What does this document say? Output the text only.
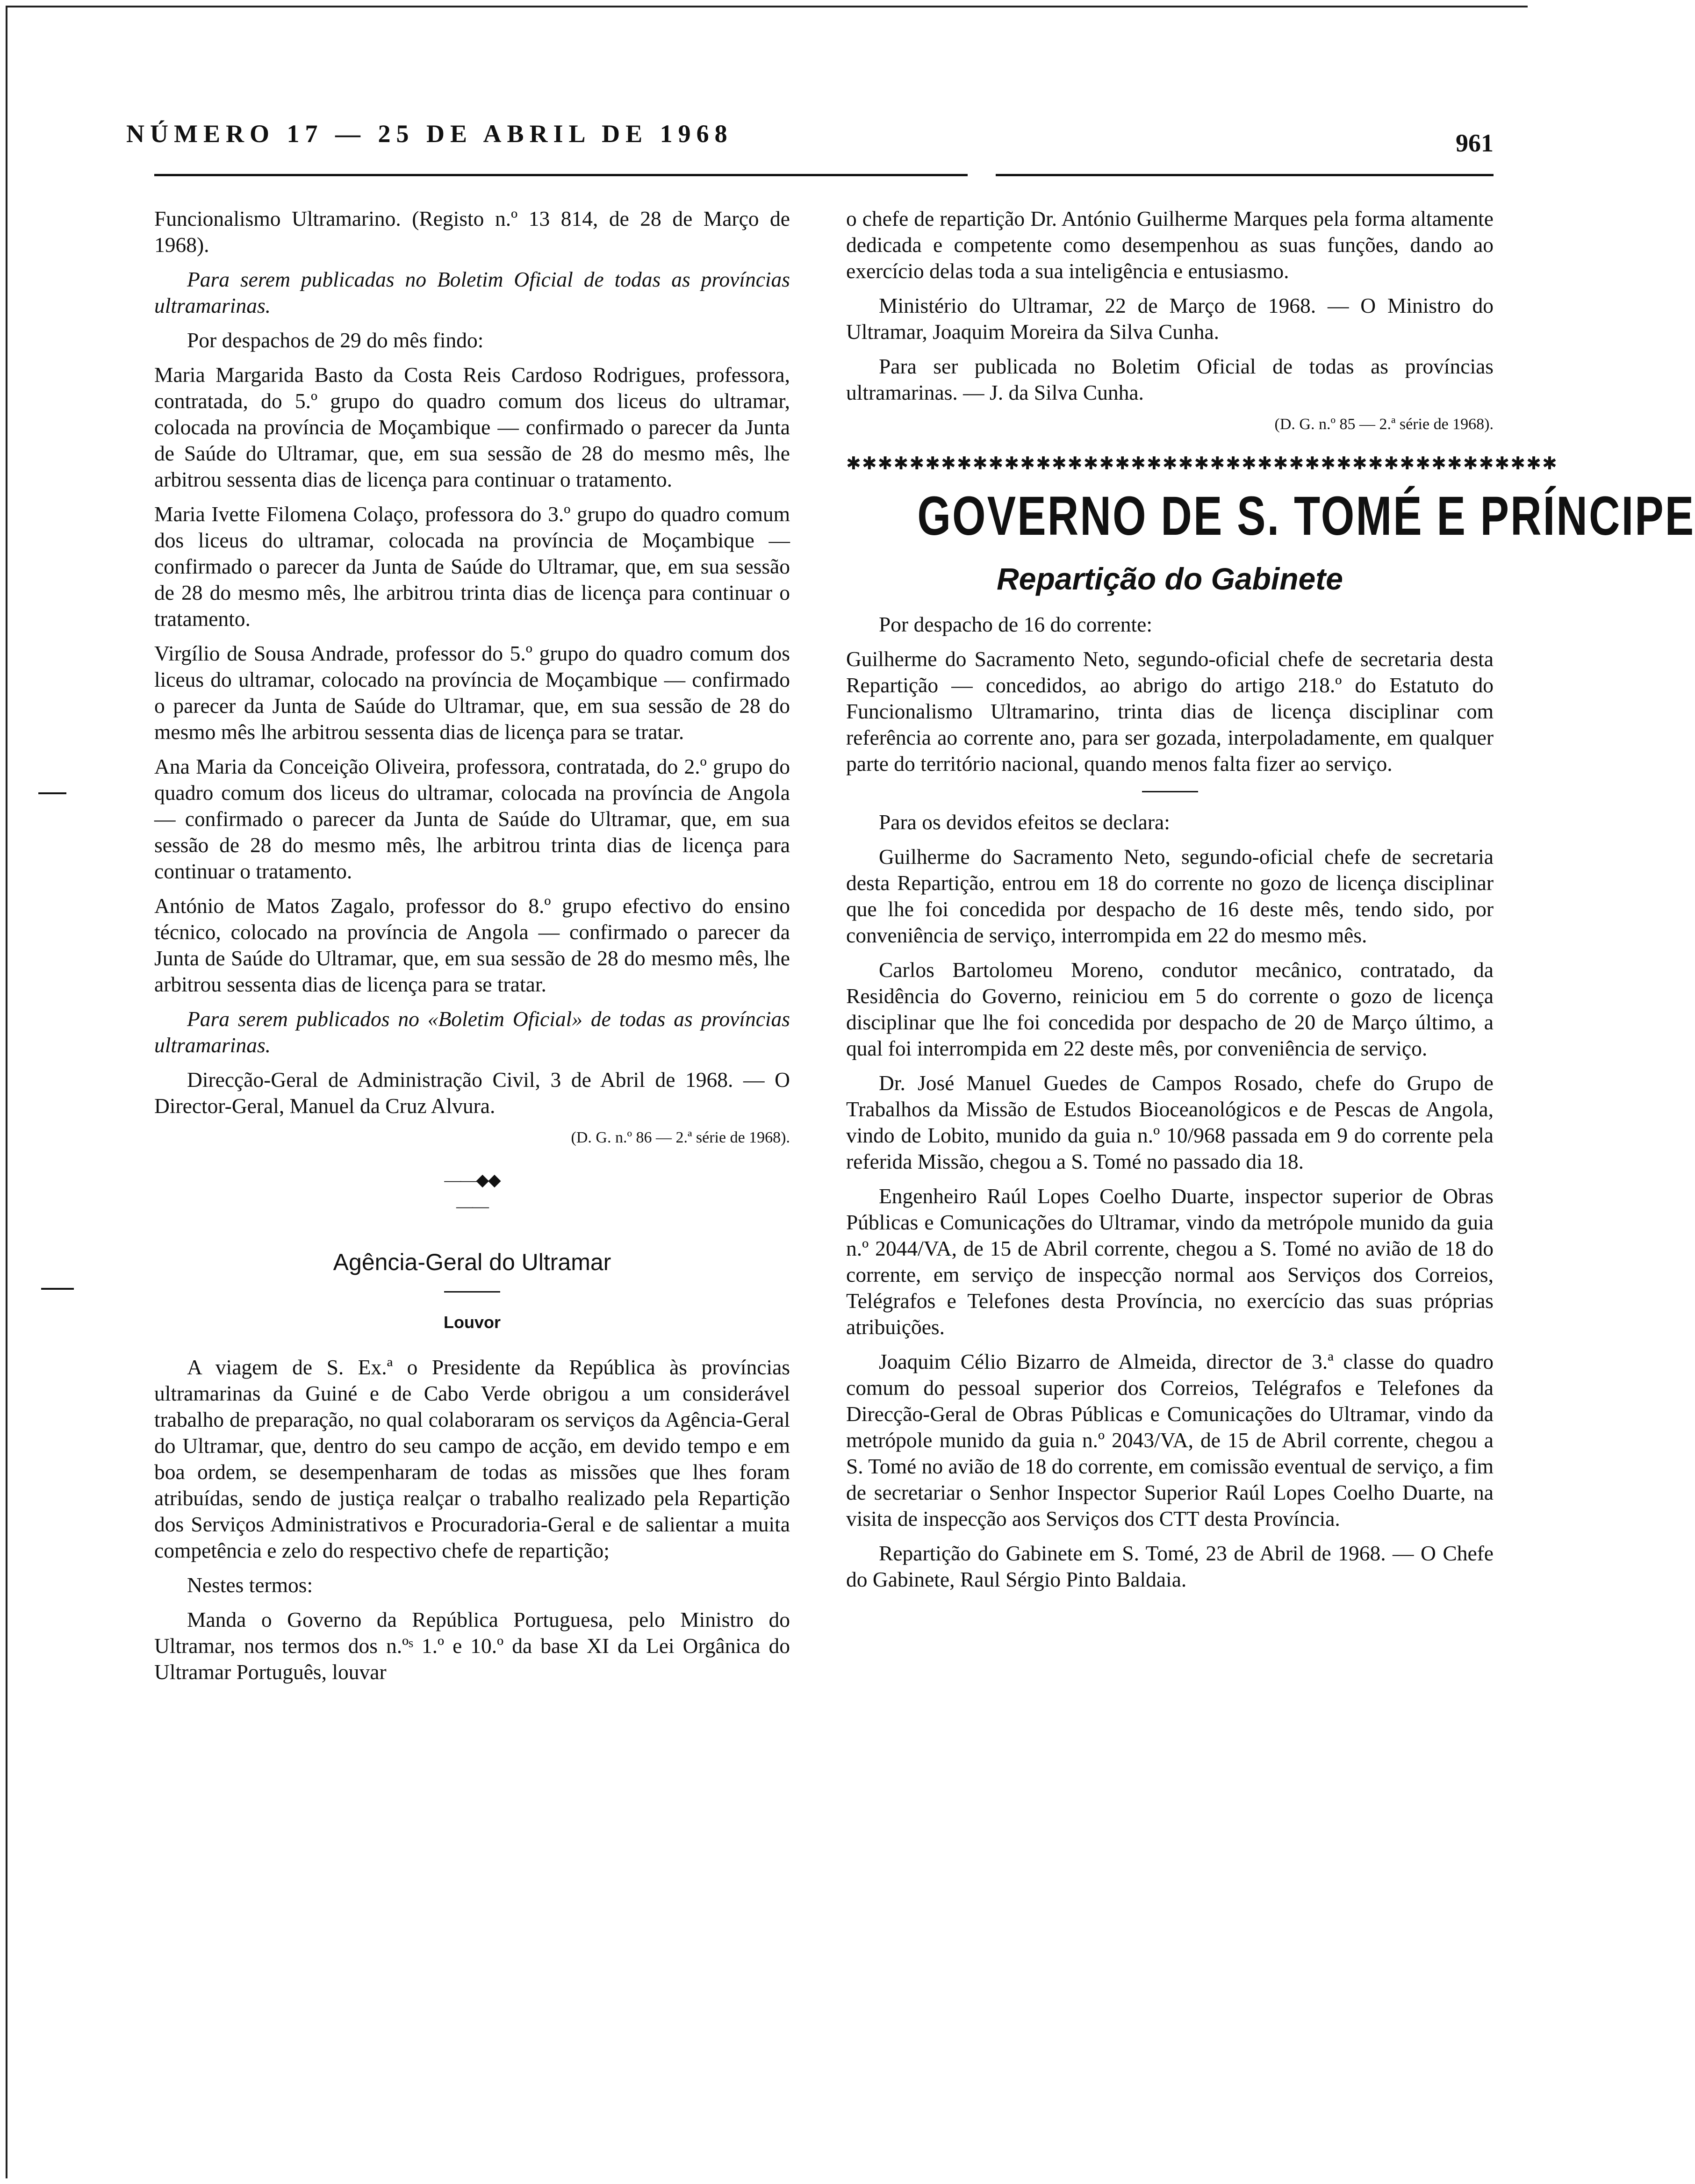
NÚMERO 17 — 25 DE ABRIL DE 1968	961

Funcionalismo Ultramarino. (Registo n.º 13 814, de 28 de Março de 1968).

Para serem publicadas no Boletim Oficial de todas as províncias ultramarinas.

Por despachos de 29 do mês findo:

Maria Margarida Basto da Costa Reis Cardoso Rodrigues, professora, contratada, do 5.º grupo do quadro comum dos liceus do ultramar, colocada na província de Moçambique — confirmado o parecer da Junta de Saúde do Ultramar, que, em sua sessão de 28 do mesmo mês, lhe arbitrou sessenta dias de licença para continuar o tratamento.

Maria Ivette Filomena Colaço, professora do 3.º grupo do quadro comum dos liceus do ultramar, colocada na província de Moçambique — confirmado o parecer da Junta de Saúde do Ultramar, que, em sua sessão de 28 do mesmo mês, lhe arbitrou trinta dias de licença para continuar o tratamento.

Virgílio de Sousa Andrade, professor do 5.º grupo do quadro comum dos liceus do ultramar, colocado na província de Moçambique — confirmado o parecer da Junta de Saúde do Ultramar, que, em sua sessão de 28 do mesmo mês lhe arbitrou sessenta dias de licença para se tratar.

Ana Maria da Conceição Oliveira, professora, contratada, do 2.º grupo do quadro comum dos liceus do ultramar, colocada na província de Angola — confirmado o parecer da Junta de Saúde do Ultramar, que, em sua sessão de 28 do mesmo mês, lhe arbitrou trinta dias de licença para continuar o tratamento.

António de Matos Zagalo, professor do 8.º grupo efectivo do ensino técnico, colocado na província de Angola — confirmado o parecer da Junta de Saúde do Ultramar, que, em sua sessão de 28 do mesmo mês, lhe arbitrou sessenta dias de licença para se tratar.

Para serem publicados no «Boletim Oficial» de todas as províncias ultramarinas.

Direcção-Geral de Administração Civil, 3 de Abril de 1968. — O Director-Geral, Manuel da Cruz Alvura.

(D. G. n.º 86 — 2.ª série de 1968).

——◆◆——
Agência-Geral do Ultramar
Louvor

A viagem de S. Ex.ª o Presidente da República às províncias ultramarinas da Guiné e de Cabo Verde obrigou a um considerável trabalho de preparação, no qual colaboraram os serviços da Agência-Geral do Ultramar, que, dentro do seu campo de acção, em devido tempo e em boa ordem, se desempenharam de todas as missões que lhes foram atribuídas, sendo de justiça realçar o trabalho realizado pela Repartição dos Serviços Administrativos e Procuradoria-Geral e de salientar a muita competência e zelo do respectivo chefe de repartição;

Nestes termos:

Manda o Governo da República Portuguesa, pelo Ministro do Ultramar, nos termos dos n.ºˢ 1.º e 10.º da base XI da Lei Orgânica do Ultramar Português, louvar

o chefe de repartição Dr. António Guilherme Marques pela forma altamente dedicada e competente como desempenhou as suas funções, dando ao exercício delas toda a sua inteligência e entusiasmo.

Ministério do Ultramar, 22 de Março de 1968. — O Ministro do Ultramar, Joaquim Moreira da Silva Cunha.

Para ser publicada no Boletim Oficial de todas as províncias ultramarinas. — J. da Silva Cunha.

(D. G. n.º 85 — 2.ª série de 1968).

✱✱✱✱✱✱✱✱✱✱✱✱✱✱✱✱✱✱✱✱✱✱✱✱✱✱✱✱✱✱✱✱✱✱✱✱✱✱✱✱✱✱✱✱✱
GOVERNO DE S. TOMÉ E PRÍNCIPE
Repartição do Gabinete

Por despacho de 16 do corrente:

Guilherme do Sacramento Neto, segundo-oficial chefe de secretaria desta Repartição — concedidos, ao abrigo do artigo 218.º do Estatuto do Funcionalismo Ultramarino, trinta dias de licença disciplinar com referência ao corrente ano, para ser gozada, interpoladamente, em qualquer parte do território nacional, quando menos falta fizer ao serviço.

Para os devidos efeitos se declara:

Guilherme do Sacramento Neto, segundo-oficial chefe de secretaria desta Repartição, entrou em 18 do corrente no gozo de licença disciplinar que lhe foi concedida por despacho de 16 deste mês, tendo sido, por conveniência de serviço, interrompida em 22 do mesmo mês.

Carlos Bartolomeu Moreno, condutor mecânico, contratado, da Residência do Governo, reiniciou em 5 do corrente o gozo de licença disciplinar que lhe foi concedida por despacho de 20 de Março último, a qual foi interrompida em 22 deste mês, por conveniência de serviço.

Dr. José Manuel Guedes de Campos Rosado, chefe do Grupo de Trabalhos da Missão de Estudos Bioceanológicos e de Pescas de Angola, vindo de Lobito, munido da guia n.º 10/968 passada em 9 do corrente pela referida Missão, chegou a S. Tomé no passado dia 18.

Engenheiro Raúl Lopes Coelho Duarte, inspector superior de Obras Públicas e Comunicações do Ultramar, vindo da metrópole munido da guia n.º 2044/VA, de 15 de Abril corrente, chegou a S. Tomé no avião de 18 do corrente, em serviço de inspecção normal aos Serviços dos Correios, Telégrafos e Telefones desta Província, no exercício das suas próprias atribuições.

Joaquim Célio Bizarro de Almeida, director de 3.ª classe do quadro comum do pessoal superior dos Correios, Telégrafos e Telefones da Direcção-Geral de Obras Públicas e Comunicações do Ultramar, vindo da metrópole munido da guia n.º 2043/VA, de 15 de Abril corrente, chegou a S. Tomé no avião de 18 do corrente, em comissão eventual de serviço, a fim de secretariar o Senhor Inspector Superior Raúl Lopes Coelho Duarte, na visita de inspecção aos Serviços dos CTT desta Província.

Repartição do Gabinete em S. Tomé, 23 de Abril de 1968. — O Chefe do Gabinete, Raul Sérgio Pinto Baldaia.
